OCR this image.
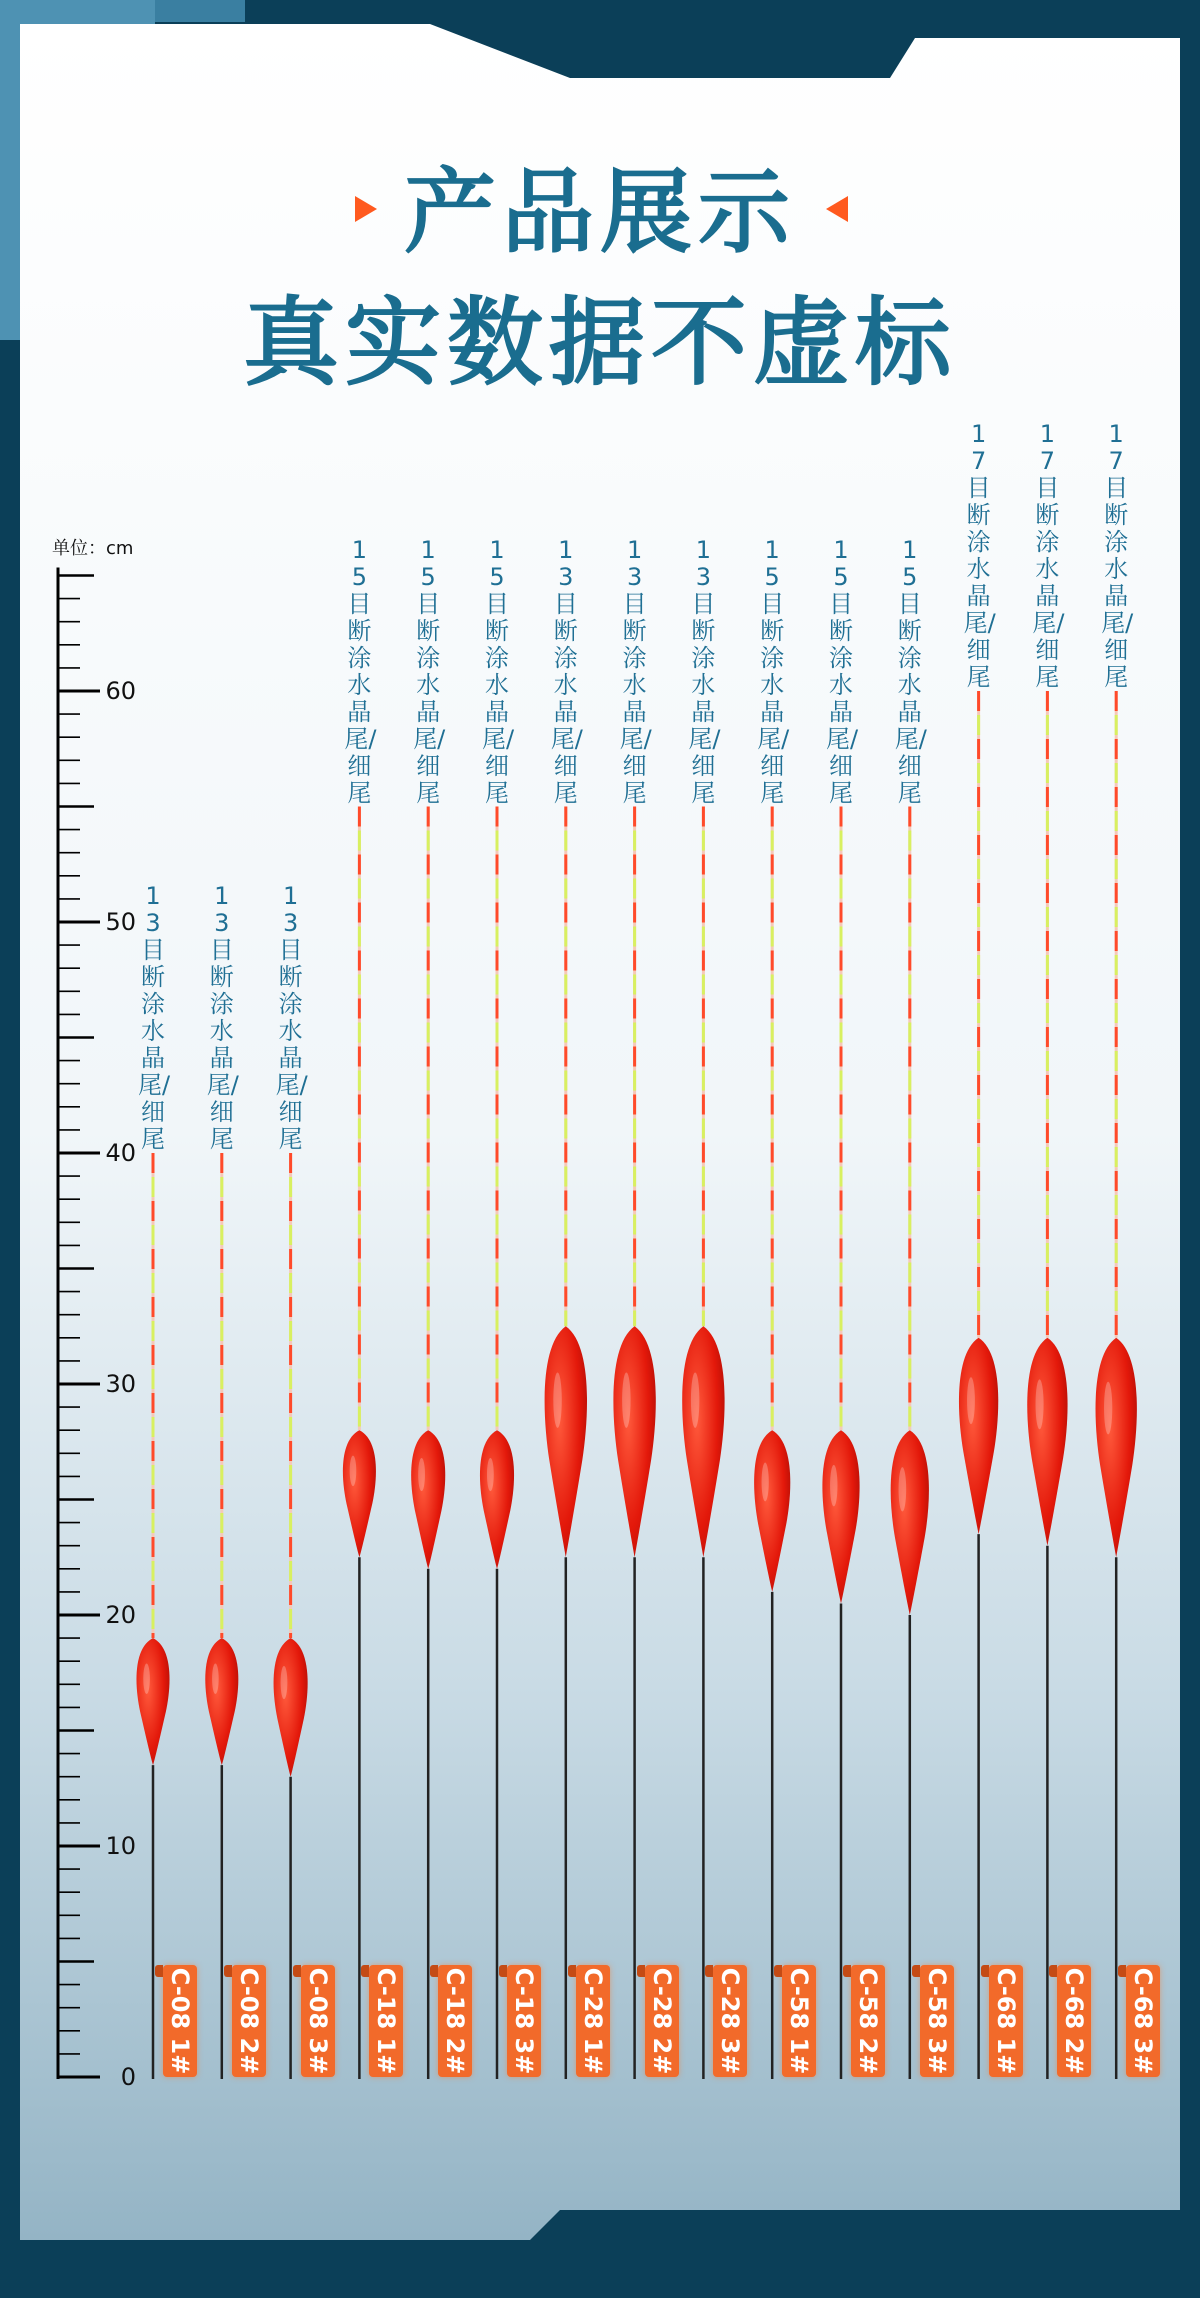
产品展示
真实数据不虚标
单位：cm
0
10
20
30
40
50
60
13目断涂水晶尾/细尾
13目断涂水晶尾/细尾
13目断涂水晶尾/细尾
15目断涂水晶尾/细尾
15目断涂水晶尾/细尾
15目断涂水晶尾/细尾
13目断涂水晶尾/细尾
13目断涂水晶尾/细尾
13目断涂水晶尾/细尾
15目断涂水晶尾/细尾
15目断涂水晶尾/细尾
15目断涂水晶尾/细尾
17目断涂水晶尾/细尾
17目断涂水晶尾/细尾
17目断涂水晶尾/细尾
C-08 1# C-08 2# C-08 3# C-18 1# C-18 2# C-18 3# C-28 1# C-28 2# C-28 3# C-58 1# C-58 2# C-58 3# C-68 1# C-68 2# C-68 3#
